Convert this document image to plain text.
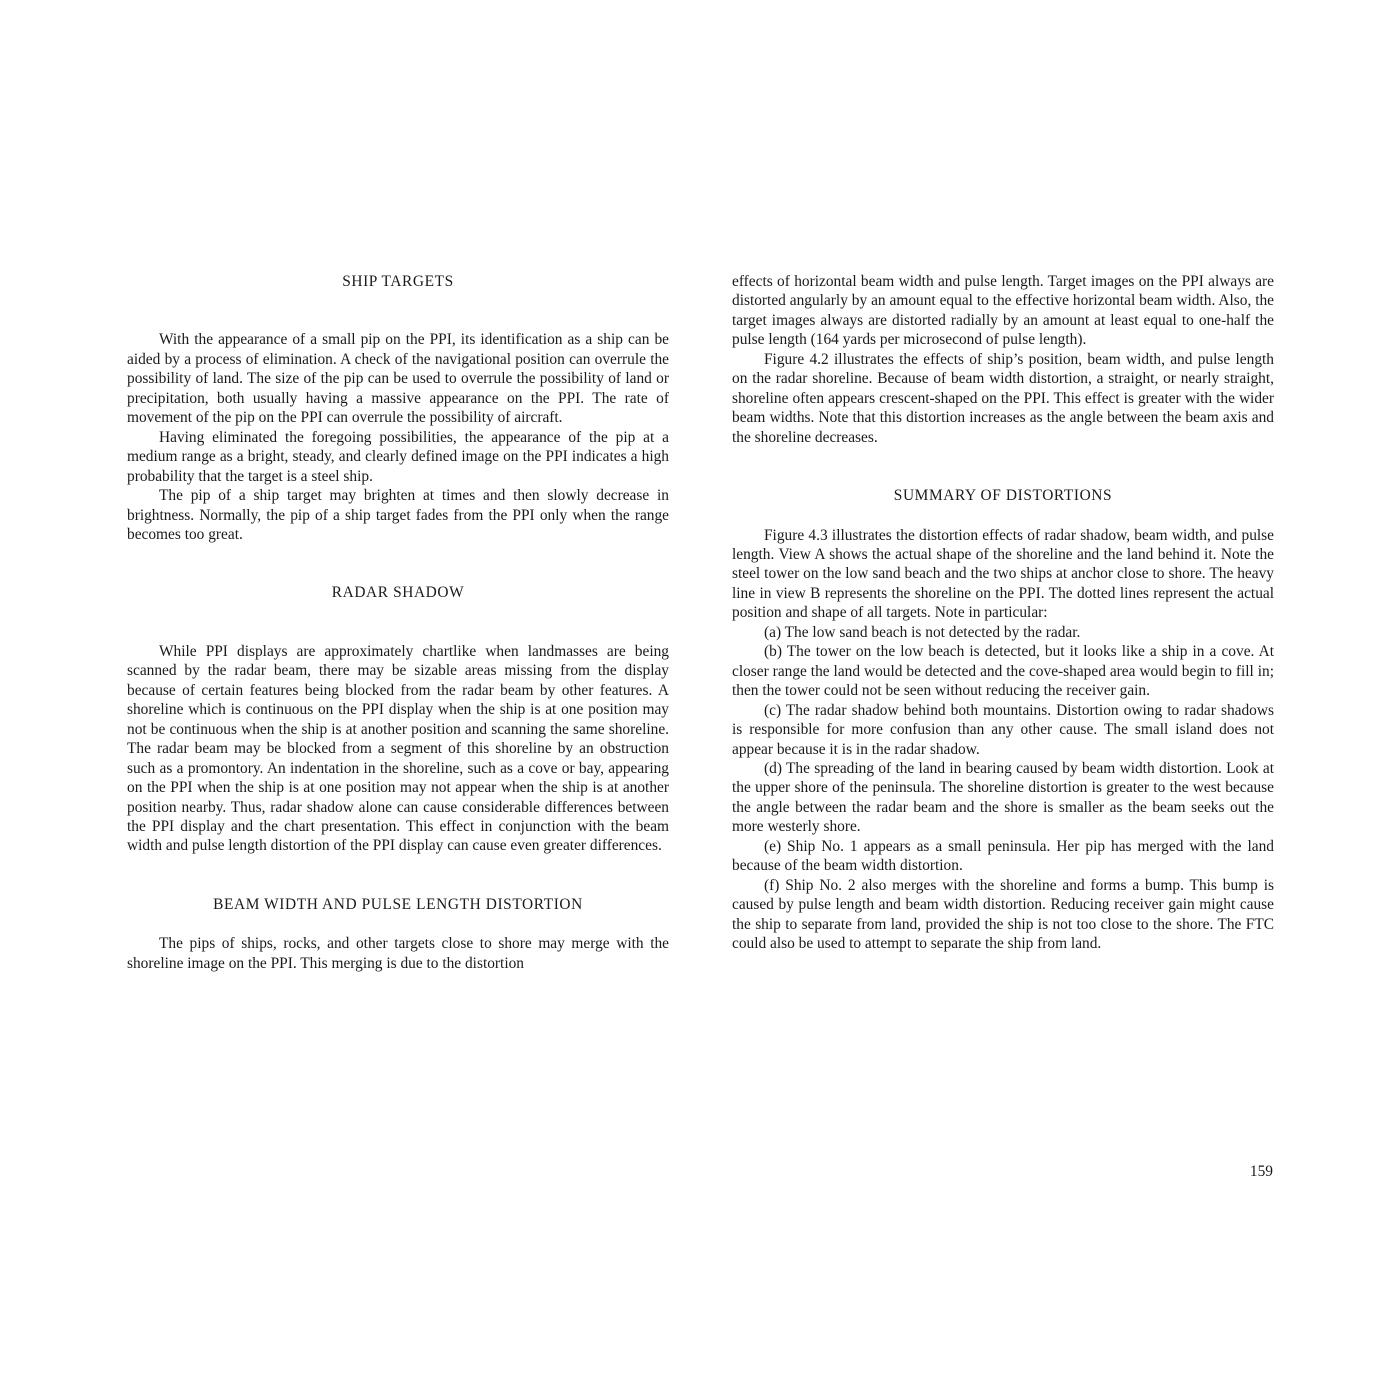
SHIP TARGETS

With the appearance of a small pip on the PPI, its identification as a ship can be aided by a process of elimination. A check of the navigational position can overrule the possibility of land. The size of the pip can be used to overrule the possibility of land or precipitation, both usually having a massive appearance on the PPI. The rate of movement of the pip on the PPI can overrule the possibility of aircraft.

Having eliminated the foregoing possibilities, the appearance of the pip at a medium range as a bright, steady, and clearly defined image on the PPI indicates a high probability that the target is a steel ship.

The pip of a ship target may brighten at times and then slowly decrease in brightness. Normally, the pip of a ship target fades from the PPI only when the range becomes too great.

RADAR SHADOW

While PPI displays are approximately chartlike when landmasses are being scanned by the radar beam, there may be sizable areas missing from the display because of certain features being blocked from the radar beam by other features. A shoreline which is continuous on the PPI display when the ship is at one position may not be continuous when the ship is at another position and scanning the same shoreline. The radar beam may be blocked from a segment of this shoreline by an obstruction such as a promontory. An indentation in the shoreline, such as a cove or bay, appearing on the PPI when the ship is at one position may not appear when the ship is at another position nearby. Thus, radar shadow alone can cause considerable differences between the PPI display and the chart presentation. This effect in conjunction with the beam width and pulse length distortion of the PPI display can cause even greater differences.

BEAM WIDTH AND PULSE LENGTH DISTORTION

The pips of ships, rocks, and other targets close to shore may merge with the shoreline image on the PPI. This merging is due to the distortion

effects of horizontal beam width and pulse length. Target images on the PPI always are distorted angularly by an amount equal to the effective horizontal beam width. Also, the target images always are distorted radially by an amount at least equal to one-half the pulse length (164 yards per microsecond of pulse length).

Figure 4.2 illustrates the effects of ship’s position, beam width, and pulse length on the radar shoreline. Because of beam width distortion, a straight, or nearly straight, shoreline often appears crescent-shaped on the PPI. This effect is greater with the wider beam widths. Note that this distortion increases as the angle between the beam axis and the shoreline decreases.

SUMMARY OF DISTORTIONS

Figure 4.3 illustrates the distortion effects of radar shadow, beam width, and pulse length. View A shows the actual shape of the shoreline and the land behind it. Note the steel tower on the low sand beach and the two ships at anchor close to shore. The heavy line in view B represents the shoreline on the PPI. The dotted lines represent the actual position and shape of all targets. Note in particular:

(a) The low sand beach is not detected by the radar.

(b) The tower on the low beach is detected, but it looks like a ship in a cove. At closer range the land would be detected and the cove-shaped area would begin to fill in; then the tower could not be seen without reducing the receiver gain.

(c) The radar shadow behind both mountains. Distortion owing to radar shadows is responsible for more confusion than any other cause. The small island does not appear because it is in the radar shadow.

(d) The spreading of the land in bearing caused by beam width distortion. Look at the upper shore of the peninsula. The shoreline distortion is greater to the west because the angle between the radar beam and the shore is smaller as the beam seeks out the more westerly shore.

(e) Ship No. 1 appears as a small peninsula. Her pip has merged with the land because of the beam width distortion.

(f) Ship No. 2 also merges with the shoreline and forms a bump. This bump is caused by pulse length and beam width distortion. Reducing receiver gain might cause the ship to separate from land, provided the ship is not too close to the shore. The FTC could also be used to attempt to separate the ship from land.

159
